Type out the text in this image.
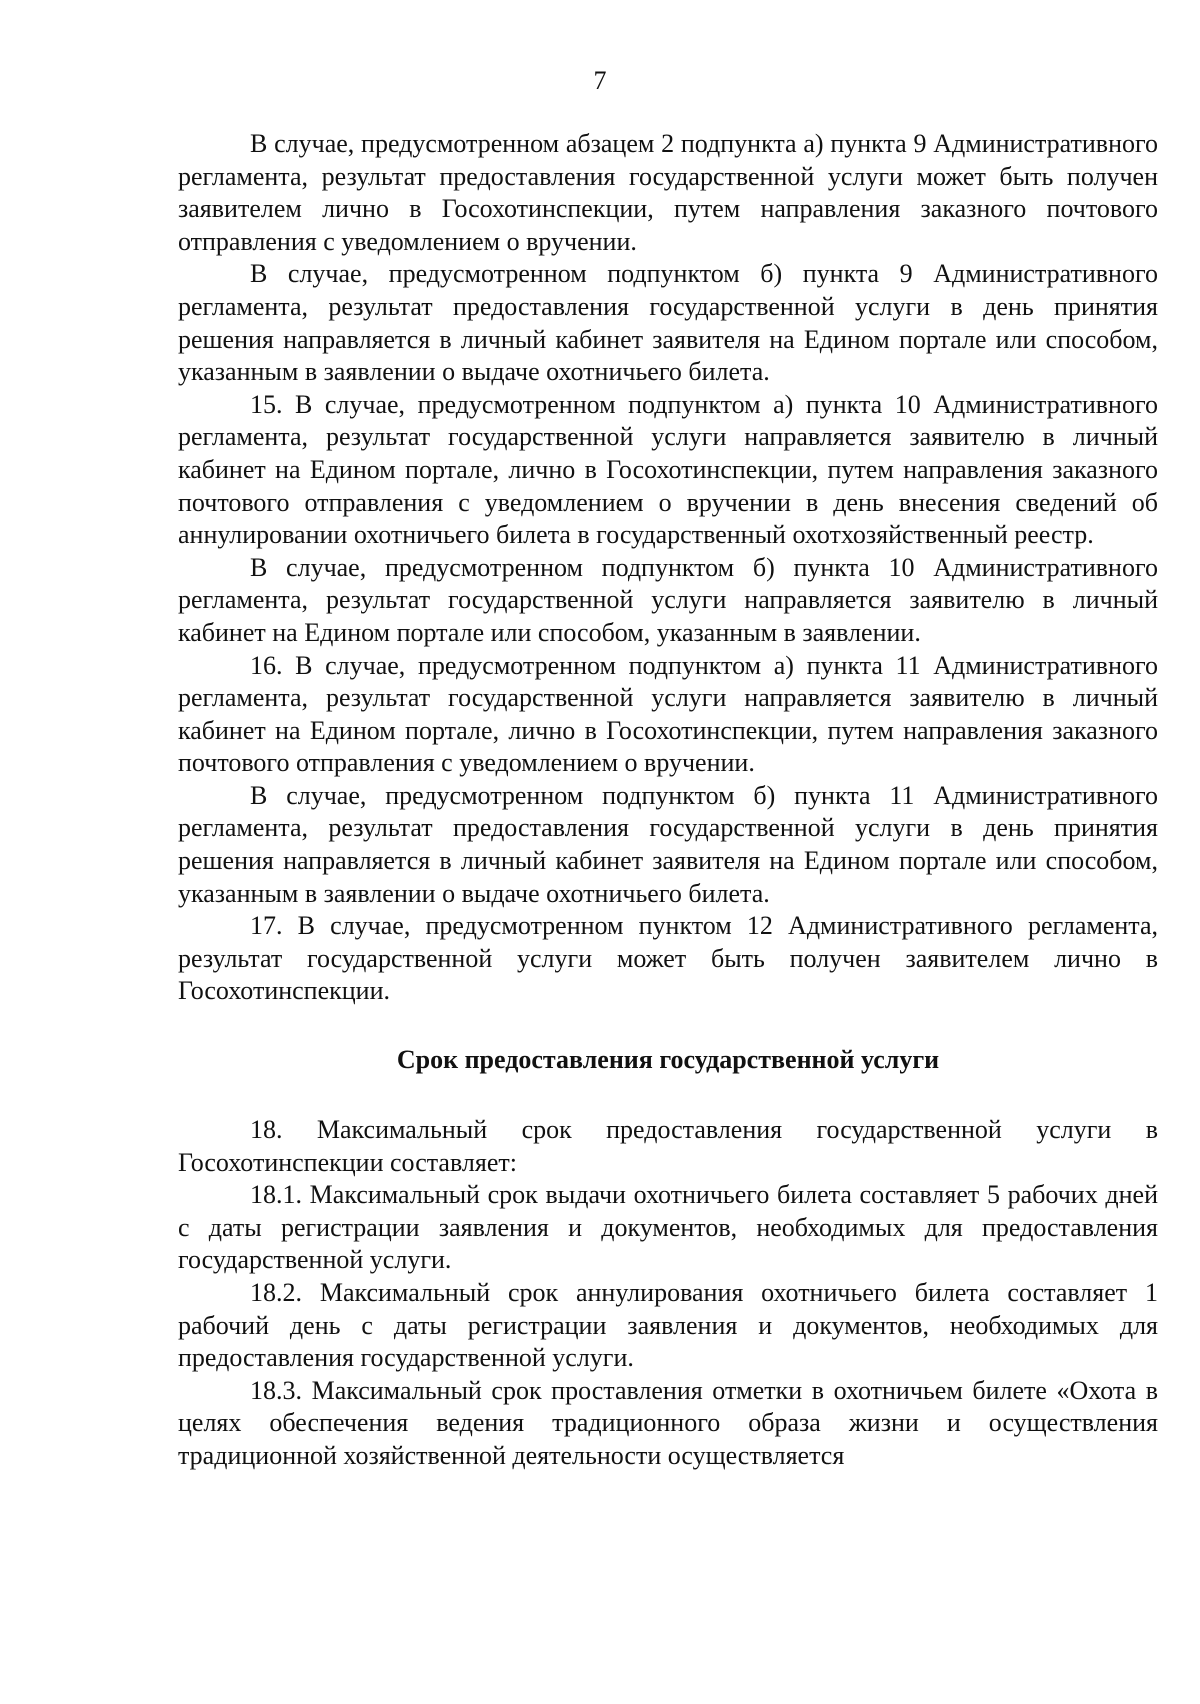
7

В случае, предусмотренном абзацем 2 подпункта а) пункта 9 Административного регламента, результат предоставления государственной услуги может быть получен заявителем лично в Госохотинспекции, путем направления заказного почтового отправления с уведомлением о вручении.

В случае, предусмотренном подпунктом б) пункта 9 Административного регламента, результат предоставления государственной услуги в день принятия решения направляется в личный кабинет заявителя на Едином портале или способом, указанным в заявлении о выдаче охотничьего билета.

15. В случае, предусмотренном подпунктом а) пункта 10 Административного регламента, результат государственной услуги направляется заявителю в личный кабинет на Едином портале, лично в Госохотинспекции, путем направления заказного почтового отправления с уведомлением о вручении в день внесения сведений об аннулировании охотничьего билета в государственный охотхозяйственный реестр.

В случае, предусмотренном подпунктом б) пункта 10 Административного регламента, результат государственной услуги направляется заявителю в личный кабинет на Едином портале или способом, указанным в заявлении.

16. В случае, предусмотренном подпунктом а) пункта 11 Административного регламента, результат государственной услуги направляется заявителю в личный кабинет на Едином портале, лично в Госохотинспекции, путем направления заказного почтового отправления с уведомлением о вручении.

В случае, предусмотренном подпунктом б) пункта 11 Административного регламента, результат предоставления государственной услуги в день принятия решения направляется в личный кабинет заявителя на Едином портале или способом, указанным в заявлении о выдаче охотничьего билета.

17. В случае, предусмотренном пунктом 12 Административного регламента, результат государственной услуги может быть получен заявителем лично в Госохотинспекции.

Срок предоставления государственной услуги

18. Максимальный срок предоставления государственной услуги в Госохотинспекции составляет:

18.1. Максимальный срок выдачи охотничьего билета составляет 5 рабочих дней с даты регистрации заявления и документов, необходимых для предоставления государственной услуги.

18.2. Максимальный срок аннулирования охотничьего билета составляет 1 рабочий день с даты регистрации заявления и документов, необходимых для предоставления государственной услуги.

18.3. Максимальный срок проставления отметки в охотничьем билете «Охота в целях обеспечения ведения традиционного образа жизни и осуществления традиционной хозяйственной деятельности осуществляется
